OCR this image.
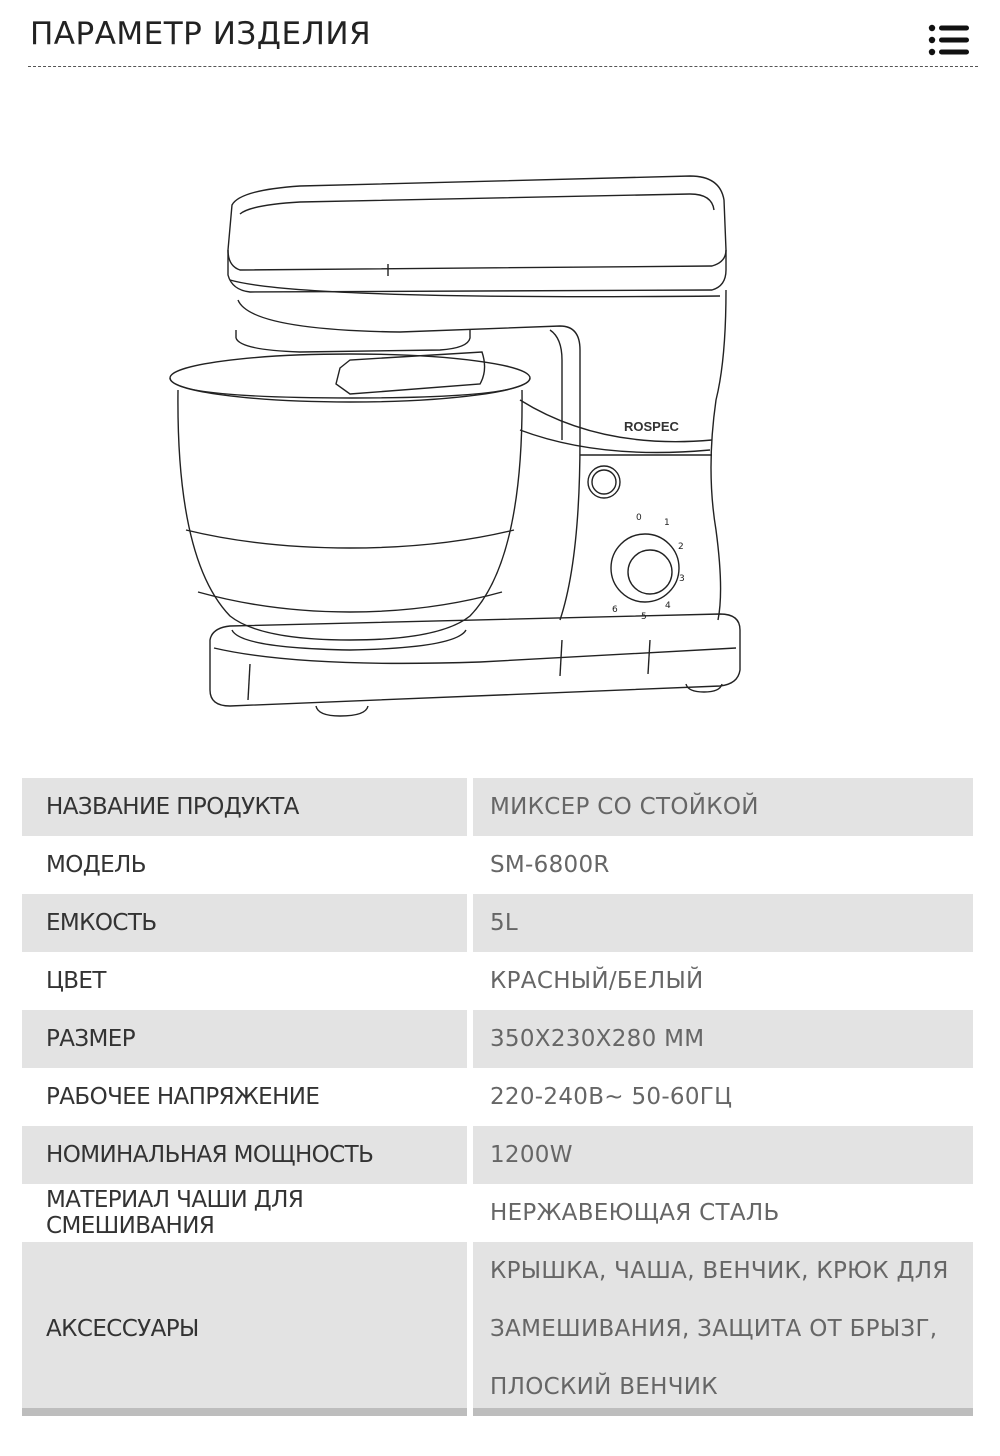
ПАРАМЕТР ИЗДЕЛИЯ
ROSPEC
0 1
2
3
4
5
6
НАЗВАНИЕ ПРОДУКТА		МИКСЕР СО СТОЙКОЙ
МОДЕЛЬ		SM-6800R
ЕМКОСТЬ		5L
ЦВЕТ		КРАСНЫЙ/БЕЛЫЙ
РАЗМЕР		350X230X280 MM
РАБОЧЕЕ НАПРЯЖЕНИЕ		220-240В~ 50-60ГЦ
НОМИНАЛЬНАЯ МОЩНОСТЬ		1200W
МАТЕРИАЛ ЧАШИ ДЛЯ СМЕШИВАНИЯ		НЕРЖАВЕЮЩАЯ СТАЛЬ
АКСЕССУАРЫ		КРЫШКА, ЧАША, ВЕНЧИК, КРЮК ДЛЯ
ЗАМЕШИВАНИЯ, ЗАЩИТА ОТ БРЫЗГ,
ПЛОСКИЙ ВЕНЧИК
